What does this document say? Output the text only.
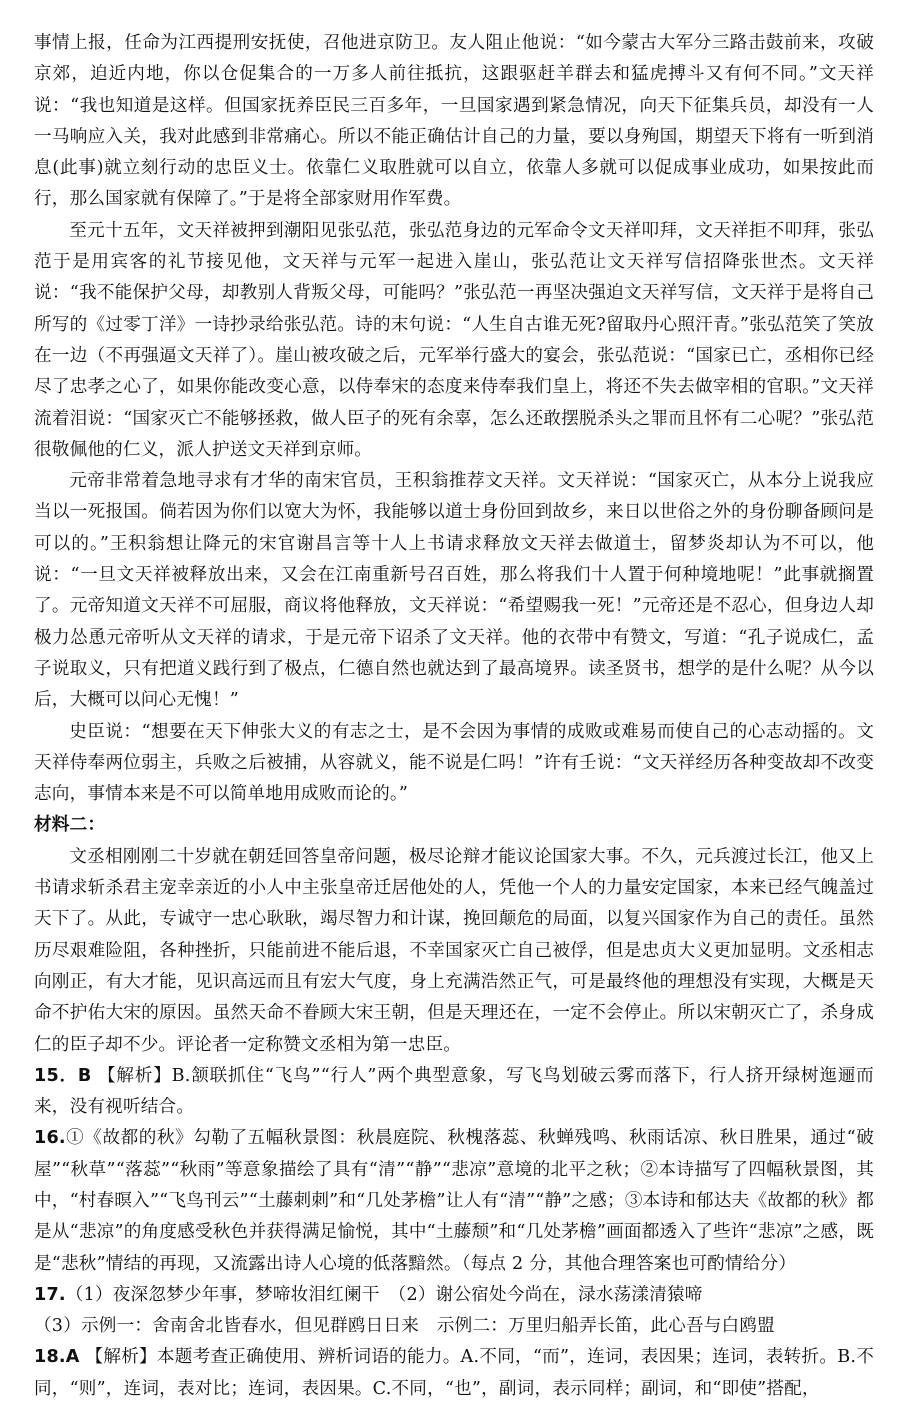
事情上报，任命为江西提刑安抚使，召他进京防卫。友人阻止他说：“如今蒙古大军分三路击鼓前来，攻破京郊，迫近内地，你以仓促集合的一万多人前往抵抗，这跟驱赶羊群去和猛虎搏斗又有何不同。”文天祥说：“我也知道是这样。但国家抚养臣民三百多年，一旦国家遇到紧急情况，向天下征集兵员，却没有一人一马响应入关，我对此感到非常痛心。所以不能正确估计自己的力量，要以身殉国，期望天下将有一听到消息(此事)就立刻行动的忠臣义士。依靠仁义取胜就可以自立，依靠人多就可以促成事业成功，如果按此而行，那么国家就有保障了。”于是将全部家财用作军费。

至元十五年，文天祥被押到潮阳见张弘范，张弘范身边的元军命令文天祥叩拜，文天祥拒不叩拜，张弘范于是用宾客的礼节接见他，文天祥与元军一起进入崖山，张弘范让文天祥写信招降张世杰。文天祥说：“我不能保护父母，却教别人背叛父母，可能吗？”张弘范一再坚决强迫文天祥写信，文天祥于是将自己所写的《过零丁洋》一诗抄录给张弘范。诗的末句说：“人生自古谁无死?留取丹心照汗青。”张弘范笑了笑放在一边（不再强逼文天祥了）。崖山被攻破之后，元军举行盛大的宴会，张弘范说：“国家已亡，丞相你已经尽了忠孝之心了，如果你能改变心意，以侍奉宋的态度来侍奉我们皇上，将还不失去做宰相的官职。”文天祥流着泪说：“国家灭亡不能够拯救，做人臣子的死有余辜，怎么还敢摆脱杀头之罪而且怀有二心呢？”张弘范很敬佩他的仁义，派人护送文天祥到京师。

元帝非常着急地寻求有才华的南宋官员，王积翁推荐文天祥。文天祥说：“国家灭亡，从本分上说我应当以一死报国。倘若因为你们以宽大为怀，我能够以道士身份回到故乡，来日以世俗之外的身份聊备顾问是可以的。”王积翁想让降元的宋官谢昌言等十人上书请求释放文天祥去做道士，留梦炎却认为不可以，他说：“一旦文天祥被释放出来，又会在江南重新号召百姓，那么将我们十人置于何种境地呢！”此事就搁置了。元帝知道文天祥不可屈服，商议将他释放，文天祥说：“希望赐我一死！”元帝还是不忍心，但身边人却极力怂恿元帝听从文天祥的请求，于是元帝下诏杀了文天祥。他的衣带中有赞文，写道：“孔子说成仁，孟子说取义，只有把道义践行到了极点，仁德自然也就达到了最高境界。读圣贤书，想学的是什么呢？从今以后，大概可以问心无愧！”

史臣说：“想要在天下伸张大义的有志之士，是不会因为事情的成败或难易而使自己的心志动摇的。文天祥侍奉两位弱主，兵败之后被捕，从容就义，能不说是仁吗！”许有壬说：“文天祥经历各种变故却不改变志向，事情本来是不可以简单地用成败而论的。”

材料二：

文丞相刚刚二十岁就在朝廷回答皇帝问题，极尽论辩才能议论国家大事。不久，元兵渡过长江，他又上书请求斩杀君主宠幸亲近的小人中主张皇帝迁居他处的人，凭他一个人的力量安定国家，本来已经气魄盖过天下了。从此，专诚守一忠心耿耿，竭尽智力和计谋，挽回颠危的局面，以复兴国家作为自己的责任。虽然历尽艰难险阻，各种挫折，只能前进不能后退，不幸国家灭亡自己被俘，但是忠贞大义更加显明。文丞相志向刚正，有大才能，见识高远而且有宏大气度，身上充满浩然正气，可是最终他的理想没有实现，大概是天命不护佑大宋的原因。虽然天命不眷顾大宋王朝，但是天理还在，一定不会停止。所以宋朝灭亡了，杀身成仁的臣子却不少。评论者一定称赞文丞相为第一忠臣。

15．B 【解析】B.颔联抓住“飞鸟”“行人”两个典型意象，写飞鸟划破云雾而落下，行人挤开绿树迤逦而来，没有视听结合。

16.①《故都的秋》勾勒了五幅秋景图：秋晨庭院、秋槐落蕊、秋蝉残鸣、秋雨话凉、秋日胜果，通过“破屋”“秋草”“落蕊”“秋雨”等意象描绘了具有“清”“静”“悲凉”意境的北平之秋；②本诗描写了四幅秋景图，其中，“村春暝入”“飞鸟刊云”“土藤刺刺”和“几处茅檐”让人有“清”“静”之感；③本诗和郁达夫《故都的秋》都是从“悲凉”的角度感受秋色并获得满足愉悦，其中“土藤颓”和“几处茅檐”画面都透入了些许“悲凉”之感，既是“悲秋”情结的再现，又流露出诗人心境的低落黯然。（每点 2 分，其他合理答案也可酌情给分）

17.（1）夜深忽梦少年事，梦啼妆泪红阑干　（2）谢公宿处今尚在，渌水荡漾清猿啼

（3）示例一：舍南舍北皆春水，但见群鸥日日来　示例二：万里归船弄长笛，此心吾与白鸥盟

18.A 【解析】本题考查正确使用、辨析词语的能力。A.不同，“而”，连词，表因果；连词，表转折。B.不同，“则”，连词，表对比；连词，表因果。C.不同，“也”，副词，表示同样；副词，和“即使”搭配，
